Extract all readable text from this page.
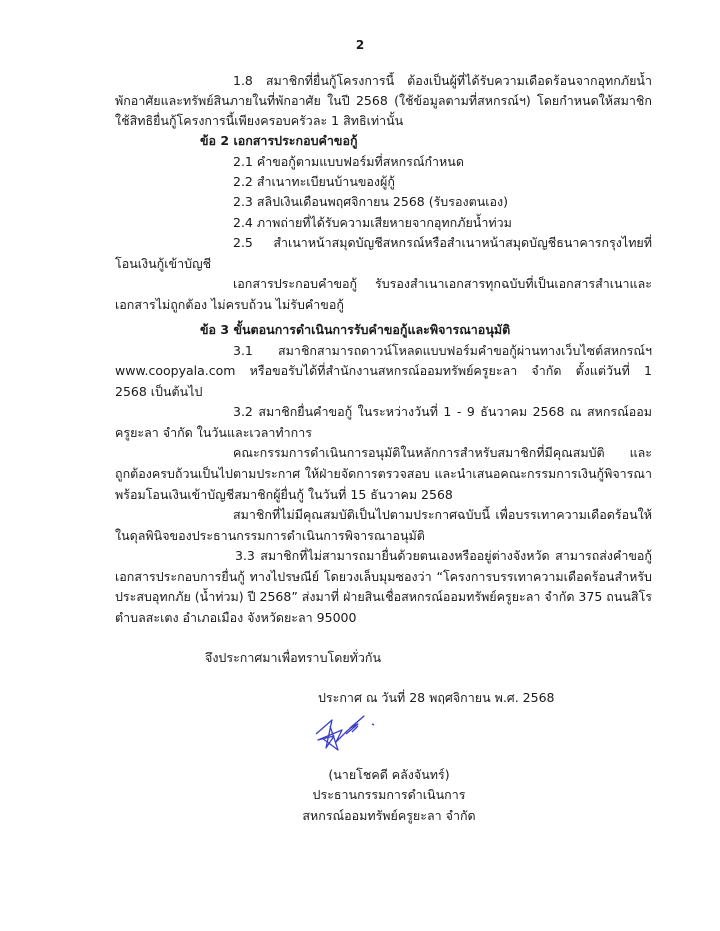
2
1.8 สมาชิกที่ยื่นกู้โครงการนี้ ต้องเป็นผู้ที่ได้รับความเดือดร้อนจากอุทกภัยน้ำ
พักอาศัยและทรัพย์สินภายในที่พักอาศัย ในปี 2568 (ใช้ข้อมูลตามที่สหกรณ์ฯ) โดยกำหนดให้สมาชิก
ใช้สิทธิยื่นกู้โครงการนี้เพียงครอบครัวละ 1 สิทธิเท่านั้น
ข้อ 2 เอกสารประกอบคำขอกู้
2.1 คำขอกู้ตามแบบฟอร์มที่สหกรณ์กำหนด
2.2 สำเนาทะเบียนบ้านของผู้กู้
2.3 สลิปเงินเดือนพฤศจิกายน 2568 (รับรองตนเอง)
2.4 ภาพถ่ายที่ได้รับความเสียหายจากอุทกภัยน้ำท่วม
2.5 สำเนาหน้าสมุดบัญชีสหกรณ์หรือสำเนาหน้าสมุดบัญชีธนาคารกรุงไทยที่
โอนเงินกู้เข้าบัญชี
เอกสารประกอบคำขอกู้ รับรองสำเนาเอกสารทุกฉบับที่เป็นเอกสารสำเนาและ
เอกสารไม่ถูกต้อง ไม่ครบถ้วน ไม่รับคำขอกู้
ข้อ 3 ขั้นตอนการดำเนินการรับคำขอกู้และพิจารณาอนุมัติ
3.1 สมาชิกสามารถดาวน์โหลดแบบฟอร์มคำขอกู้ผ่านทางเว็บไซต์สหกรณ์ฯ
www.coopyala.com หรือขอรับได้ที่สำนักงานสหกรณ์ออมทรัพย์ครูยะลา จำกัด ตั้งแต่วันที่ 1
2568 เป็นต้นไป
3.2 สมาชิกยื่นคำขอกู้ ในระหว่างวันที่ 1 - 9 ธันวาคม 2568 ณ สหกรณ์ออม
ครูยะลา จำกัด ในวันและเวลาทำการ
คณะกรรมการดำเนินการอนุมัติในหลักการสำหรับสมาชิกที่มีคุณสมบัติ และ
ถูกต้องครบถ้วนเป็นไปตามประกาศ ให้ฝ่ายจัดการตรวจสอบ และนำเสนอคณะกรรมการเงินกู้พิจารณา
พร้อมโอนเงินเข้าบัญชีสมาชิกผู้ยื่นกู้ ในวันที่ 15 ธันวาคม 2568
สมาชิกที่ไม่มีคุณสมบัติเป็นไปตามประกาศฉบับนี้ เพื่อบรรเทาความเดือดร้อนให้
ในดุลพินิจของประธานกรรมการดำเนินการพิจารณาอนุมัติ
3.3 สมาชิกที่ไม่สามารถมายื่นด้วยตนเองหรืออยู่ต่างจังหวัด สามารถส่งคำขอกู้
เอกสารประกอบการยื่นกู้ ทางไปรษณีย์ โดยวงเล็บมุมซองว่า “โครงการบรรเทาความเดือดร้อนสำหรับ
ประสบอุทกภัย (น้ำท่วม) ปี 2568” ส่งมาที่ ฝ่ายสินเชื่อสหกรณ์ออมทรัพย์ครูยะลา จำกัด 375 ถนนสิโร
ตำบลสะเตง อำเภอเมือง จังหวัดยะลา 95000
จึงประกาศมาเพื่อทราบโดยทั่วกัน
ประกาศ ณ วันที่ 28 พฤศจิกายน พ.ศ. 2568
(นายโชคดี คลังจันทร์)
ประธานกรรมการดำเนินการ
สหกรณ์ออมทรัพย์ครูยะลา จำกัด
